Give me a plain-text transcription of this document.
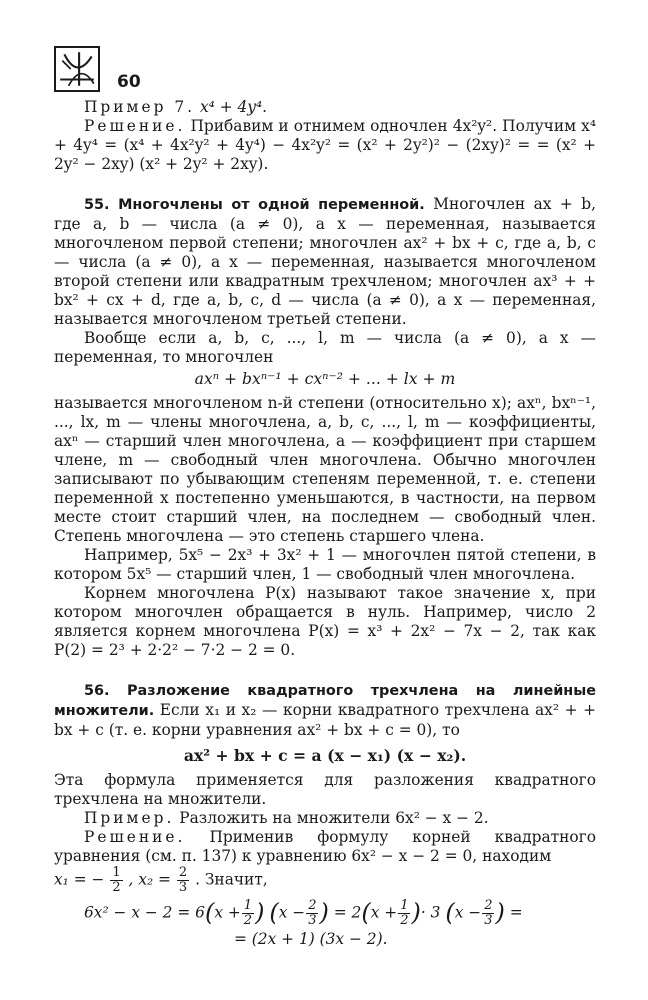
60

Пример 7. x⁴ + 4y⁴.

Решение. Прибавим и отнимем одночлен 4x²y². Получим x⁴ + 4y⁴ = (x⁴ + 4x²y² + 4y⁴) − 4x²y² = (x² + 2y²)² − (2xy)² = = (x² + 2y² − 2xy) (x² + 2y² + 2xy).

55. Многочлены от одной переменной. Многочлен ax + b, где a, b — числа (a ≠ 0), а x — переменная, называется многочленом первой степени; многочлен ax² + bx + c, где a, b, c — числа (a ≠ 0), а x — переменная, называется многочленом второй степени или квадратным трехчленом; многочлен ax³ + + bx² + cx + d, где a, b, c, d — числа (a ≠ 0), а x — переменная, называется многочленом третьей степени.

Вообще если a, b, c, ..., l, m — числа (a ≠ 0), а x — переменная, то многочлен

axⁿ + bxⁿ⁻¹ + cxⁿ⁻² + ... + lx + m

называется многочленом n-й степени (относительно x); axⁿ, bxⁿ⁻¹, ..., lx, m — члены многочлена, a, b, c, ..., l, m — коэффициенты, axⁿ — старший член многочлена, a — коэффициент при старшем члене, m — свободный член многочлена. Обычно многочлен записывают по убывающим степеням переменной, т. е. степени переменной x постепенно уменьшаются, в частности, на первом месте стоит старший член, на последнем — свободный член. Степень многочлена — это степень старшего члена.

Например, 5x⁵ − 2x³ + 3x² + 1 — многочлен пятой степени, в котором 5x⁵ — старший член, 1 — свободный член многочлена.

Корнем многочлена P(x) называют такое значение x, при котором многочлен обращается в нуль. Например, число 2 является корнем многочлена P(x) = x³ + 2x² − 7x − 2, так как P(2) = 2³ + 2·2² − 7·2 − 2 = 0.

56. Разложение квадратного трехчлена на линейные множители. Если x₁ и x₂ — корни квадратного трехчлена ax² + + bx + c (т. е. корни уравнения ax² + bx + c = 0), то

ax² + bx + c = a (x − x₁) (x − x₂).

Эта формула применяется для разложения квадратного трехчлена на множители.

Пример. Разложить на множители 6x² − x − 2.

Решение. Применив формулу корней квадратного уравнения (см. п. 137) к уравнению 6x² − x − 2 = 0, находим

x₁ = − $\frac{1}{2}$ , $x_2 = \frac{2}{3}$ . Значит,

$6x^2 - x - 2 = 6(x + \frac{1}{2}$ ) ($x - \frac{2}{3}$ ) = $2(x + \frac{1}{2}$ )· 3 ($x - \frac{2}{3}$ ) =

= (2x + 1) (3x − 2).
